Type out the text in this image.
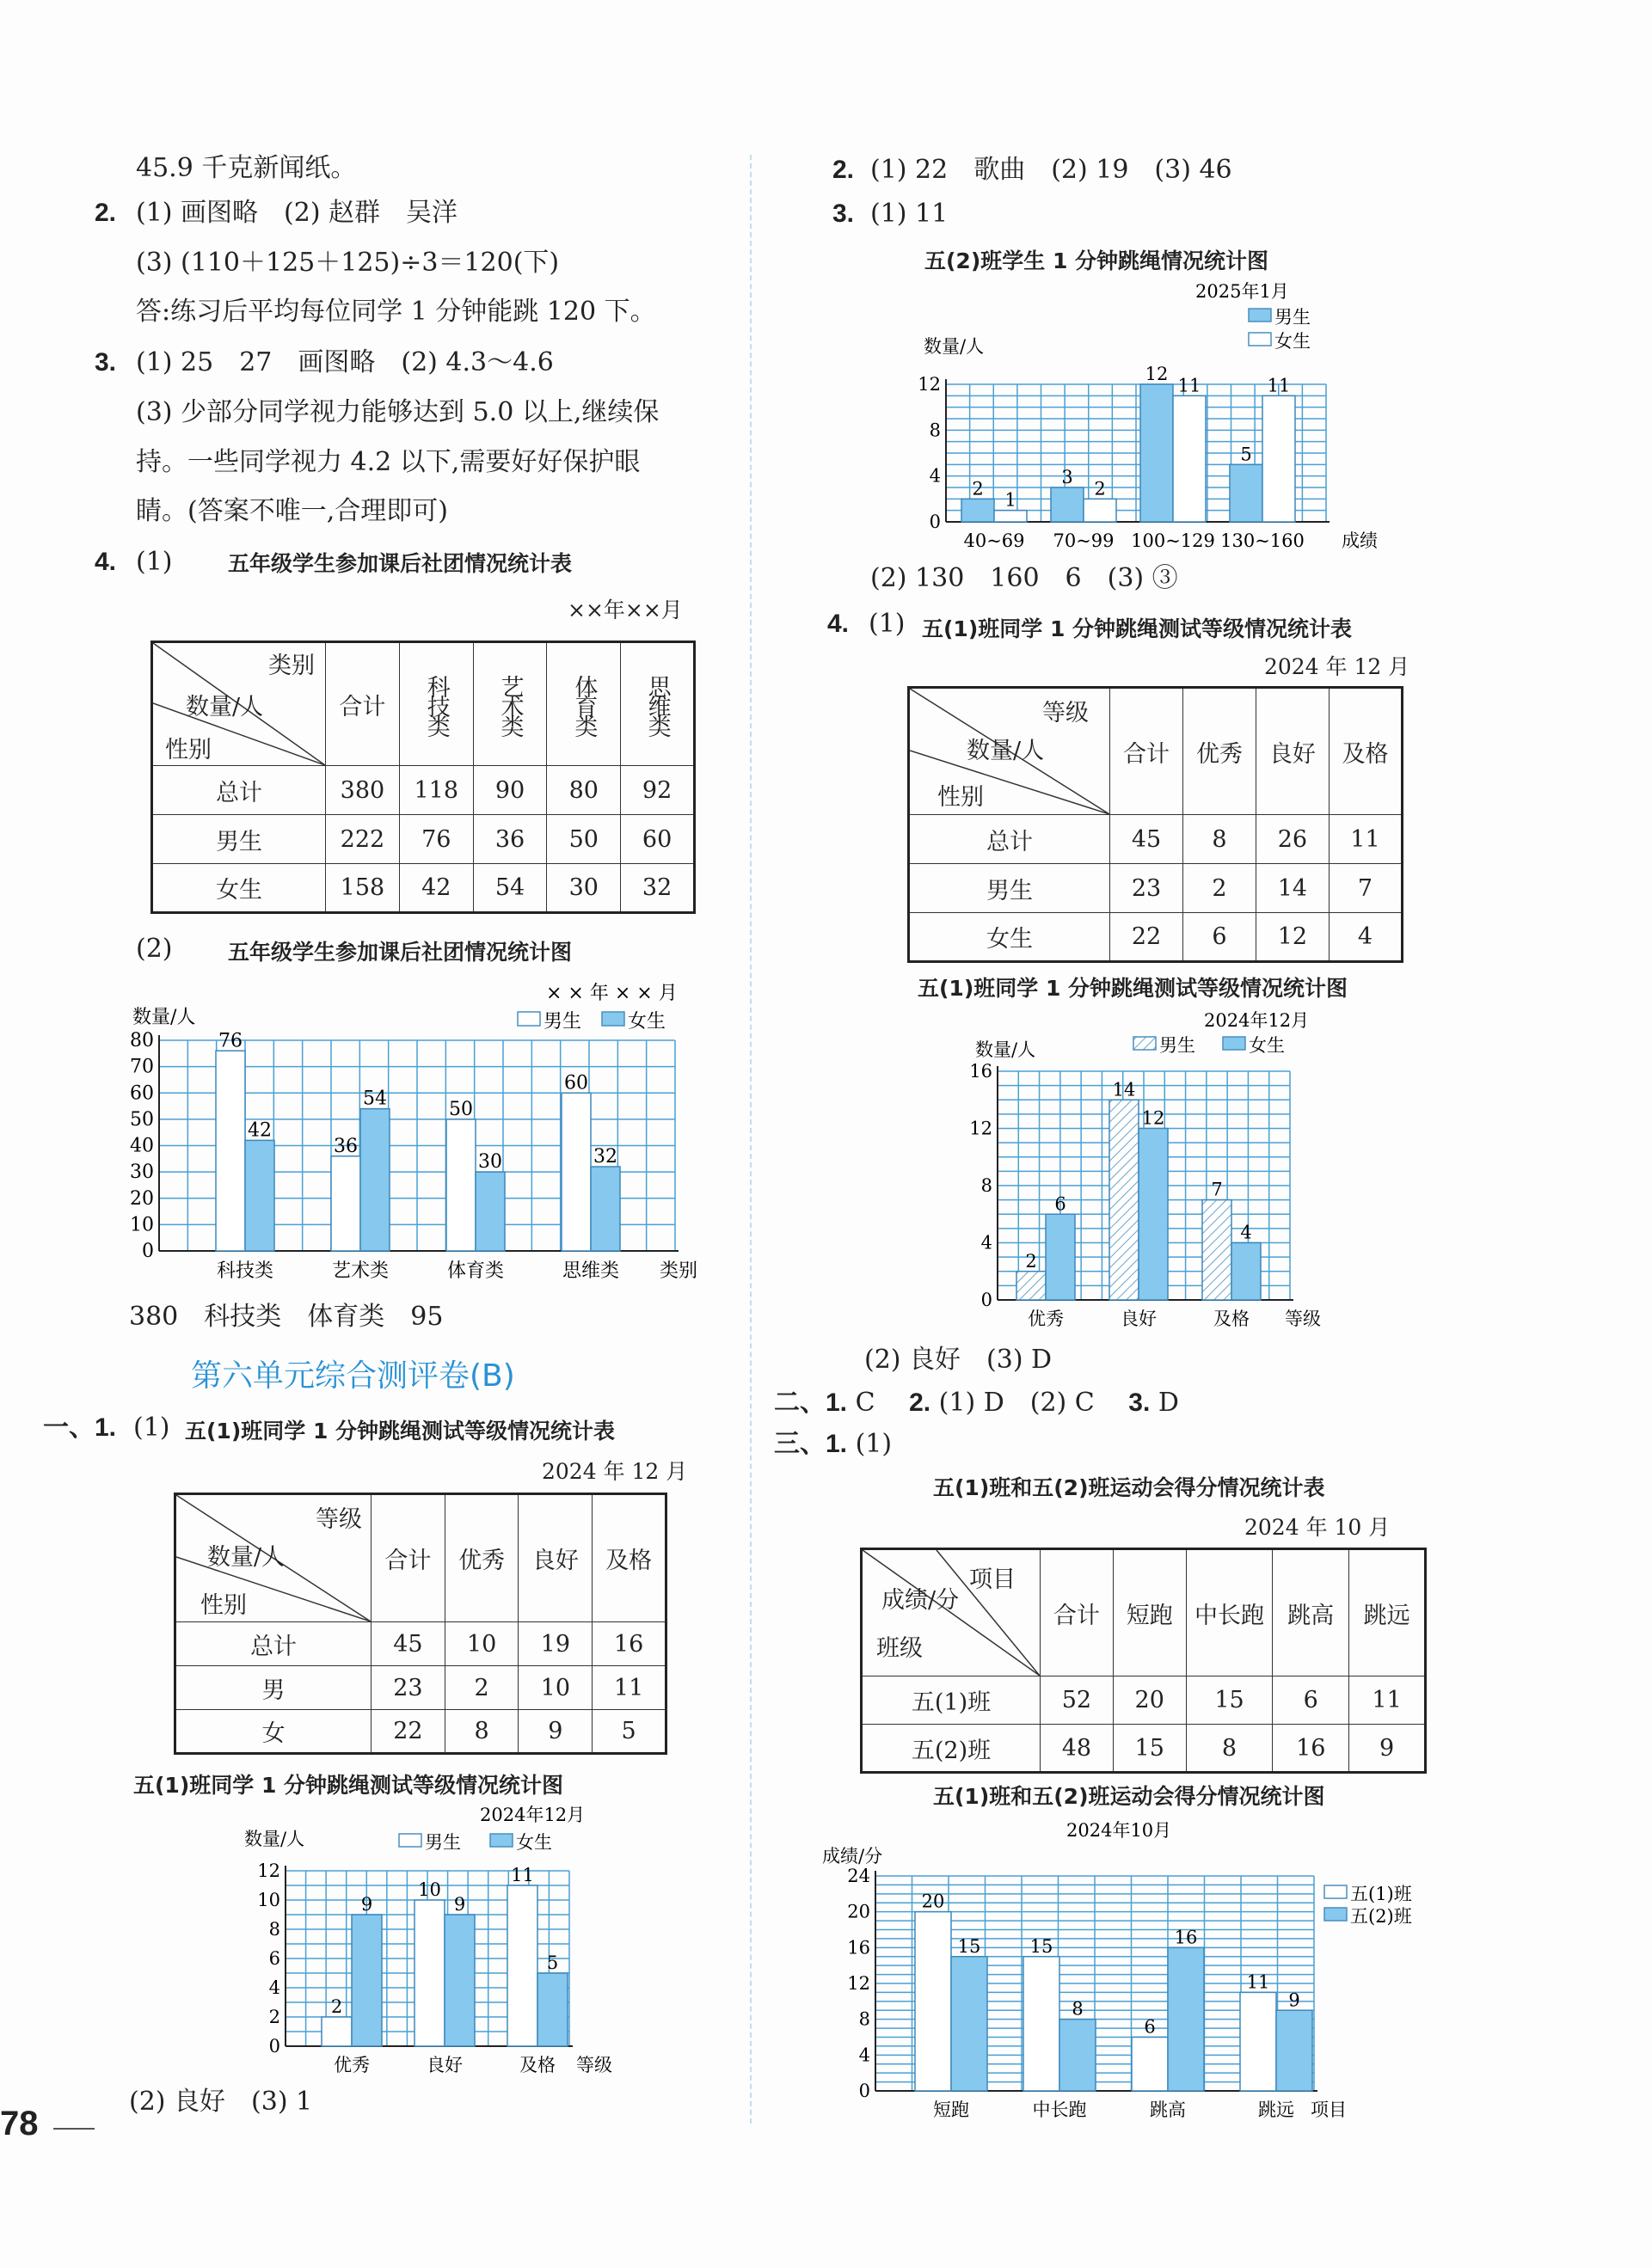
45.9 千克新闻纸。
2. (1) 画图略　(2) 赵群　吴洋
(3) (110＋125＋125)÷3＝120(下)
答:练习后平均每位同学 1 分钟能跳 120 下。
3. (1) 25　27　画图略　(2) 4.3～4.6
(3) 少部分同学视力能够达到 5.0 以上,继续保
持。一些同学视力 4.2 以下,需要好好保护眼
睛。(答案不唯一,合理即可)
4. (1)	五年级学生参加课后社团情况统计表
××年××月
类别
数量/人
性别	合计	科技类	艺术类	体育类	思维类
总计	380	118	90	80	92
男生	222	76	36	50	60
女生	158	42	54	30	32
(2)	五年级学生参加课后社团情况统计图
0
10
20
30
40
50
60
70
80
数量/人
类别
× × 年 × × 月
男生 女生
76
42
科技类
36
54
艺术类
50
30
体育类
60
32
思维类
380　科技类　体育类　95
第六单元综合测评卷(B)
一、1. (1) 五(1)班同学 1 分钟跳绳测试等级情况统计表
2024 年 12 月
等级
数量/人
性别	合计	优秀	良好	及格
总计	45	10	19	16
男	23	2	10	11
女	22	8	9	5
五(1)班同学 1 分钟跳绳测试等级情况统计图
0
2
4
6
8
10
12
数量/人
等级
2024年12月
男生	女生
2
9
优秀
10
9
良好
11
5
及格
(2) 良好　(3) 1
78
2. (1) 22　歌曲　(2) 19　(3) 46
3. (1) 11
五(2)班学生 1 分钟跳绳情况统计图
0
4
8
12
数量/人
成绩
2025年1月
男生
女生
2
1
40~69
3
2
70~99
12
11
100~129
5
11
130~160
(2) 130　160　6　(3) ③
4. (1) 五(1)班同学 1 分钟跳绳测试等级情况统计表
2024 年 12 月
等级
数量/人
性别	合计	优秀	良好	及格
总计	45	8	26	11
男生	23	2	14	7
女生	22	6	12	4
五(1)班同学 1 分钟跳绳测试等级情况统计图
0
4
8
12
16
数量/人
等级
2024年12月
男生	女生
2
6
优秀
14
12
良好
7
4
及格
(2) 良好　(3) D
二、1. C　 2. (1) D　(2) C　 3. D
三、1. (1)
五(1)班和五(2)班运动会得分情况统计表
2024 年 10 月
项目
成绩/分
班级	合计	短跑	中长跑	跳高	跳远
五(1)班	52	20	15	6	11
五(2)班	48	15	8	16	9
五(1)班和五(2)班运动会得分情况统计图
0
4
8
12
16
20
24
成绩/分
项目
2024年10月
五(1)班
五(2)班
20
15
短跑
15
8
中长跑
6
16
跳高
11
9
跳远
